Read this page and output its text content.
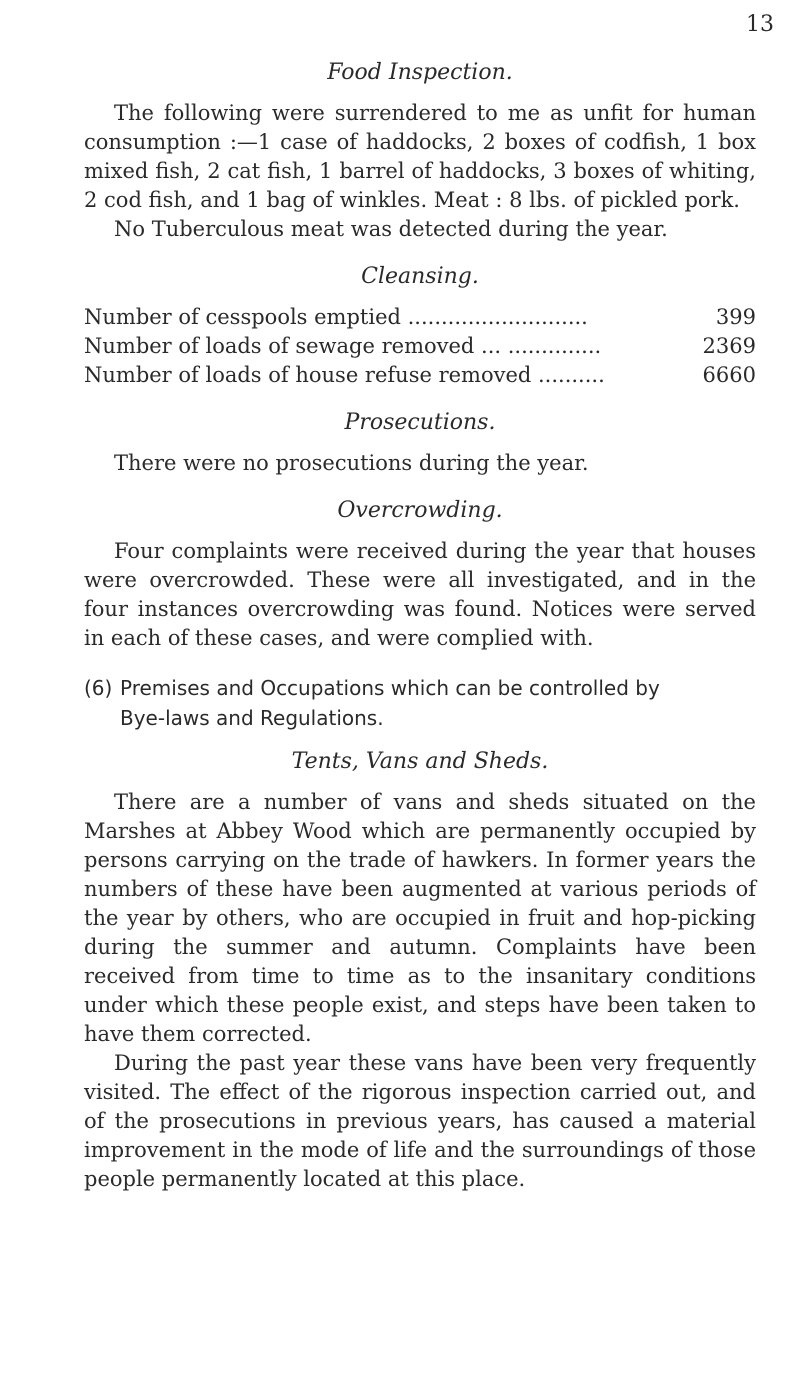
13
Food Inspection.

The following were surrendered to me as unfit for human consumption :—1 case of haddocks, 2 boxes of codfish, 1 box mixed fish, 2 cat fish, 1 barrel of haddocks, 3 boxes of whiting, 2 cod fish, and 1 bag of winkles. Meat : 8 lbs. of pickled pork.

No Tuberculous meat was detected during the year.

Cleansing.
Number of cesspools emptied ...........................	399
Number of loads of sewage removed ... ..............	2369
Number of loads of house refuse removed ..........	6660
Prosecutions.

There were no prosecutions during the year.

Overcrowding.

Four complaints were received during the year that houses were overcrowded. These were all investigated, and in the four instances overcrowding was found. Notices were served in each of these cases, and were complied with.

(6) Premises and Occupations which can be controlled by
Bye-laws and Regulations.
Tents, Vans and Sheds.

There are a number of vans and sheds situated on the Marshes at Abbey Wood which are permanently occupied by persons carrying on the trade of hawkers. In former years the numbers of these have been augmented at various periods of the year by others, who are occupied in fruit and hop-picking during the summer and autumn. Complaints have been received from time to time as to the insanitary conditions under which these people exist, and steps have been taken to have them corrected.

During the past year these vans have been very frequently visited. The effect of the rigorous inspection carried out, and of the prosecutions in previous years, has caused a material improvement in the mode of life and the surroundings of those people permanently located at this place.
